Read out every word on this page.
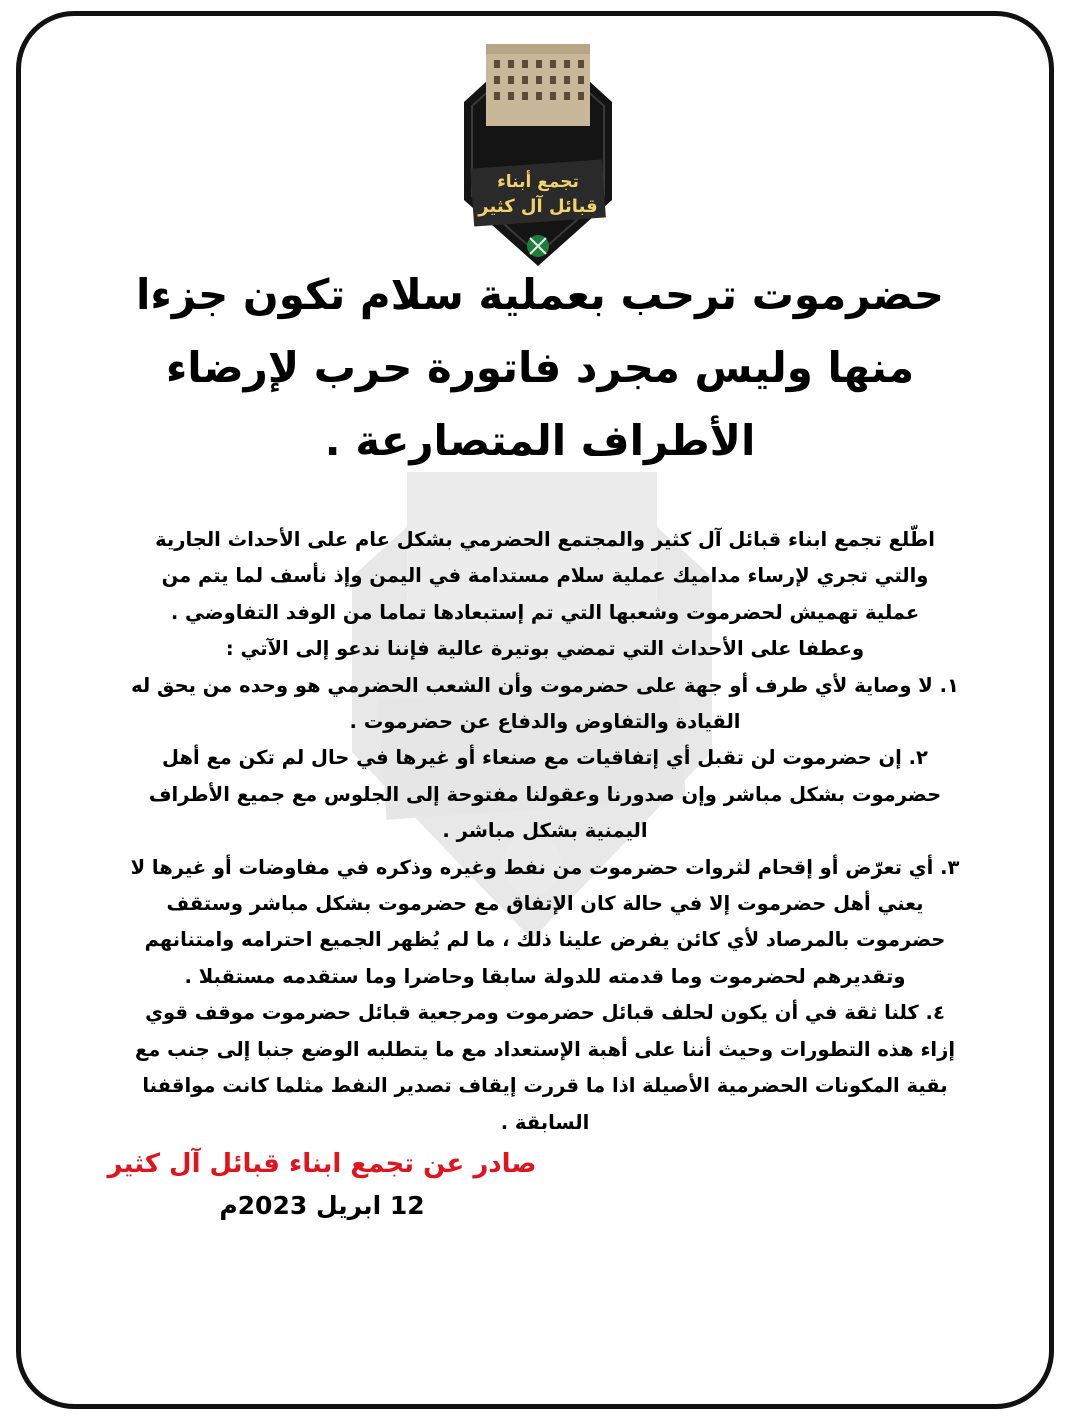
تجمع أبناء
قبائل آل كثير
حضرموت ترحب بعملية سلام تكون جزءا
منها وليس مجرد فاتورة حرب لإرضاء
الأطراف المتصارعة .
اطّلع تجمع ابناء قبائل آل كثير والمجتمع الحضرمي بشكل عام على الأحداث الجارية
والتي تجري لإرساء مداميك عملية سلام مستدامة في اليمن وإذ نأسف لما يتم من
عملية تهميش لحضرموت وشعبها التي تم إستبعادها تماما من الوفد التفاوضي .
وعطفا على الأحداث التي تمضي بوتيرة عالية فإننا ندعو إلى الآتي :
١. لا وصاية لأي طرف أو جهة على حضرموت وأن الشعب الحضرمي هو وحده من يحق له
القيادة والتفاوض والدفاع عن حضرموت .
٢. إن حضرموت لن تقبل أي إتفاقيات مع صنعاء أو غيرها في حال لم تكن مع أهل
حضرموت بشكل مباشر وإن صدورنا وعقولنا مفتوحة إلى الجلوس مع جميع الأطراف
اليمنية بشكل مباشر .
٣. أي تعرّض أو إقحام لثروات حضرموت من نفط وغيره وذكره في مفاوضات أو غيرها لا
يعني أهل حضرموت إلا في حالة كان الإتفاق مع حضرموت بشكل مباشر وستقف
حضرموت بالمرصاد لأي كائن يفرض علينا ذلك ، ما لم يُظهر الجميع احترامه وامتنانهم
وتقديرهم لحضرموت وما قدمته للدولة سابقا وحاضرا وما ستقدمه مستقبلا .
٤. كلنا ثقة في أن يكون لحلف قبائل حضرموت ومرجعية قبائل حضرموت موقف قوي
إزاء هذه التطورات وحيث أننا على أهبة الإستعداد مع ما يتطلبه الوضع جنبا إلى جنب مع
بقية المكونات الحضرمية الأصيلة اذا ما قررت إيقاف تصدير النفط مثلما كانت مواقفنا
السابقة .
صادر عن تجمع ابناء قبائل آل كثير
12 ابريل 2023م
